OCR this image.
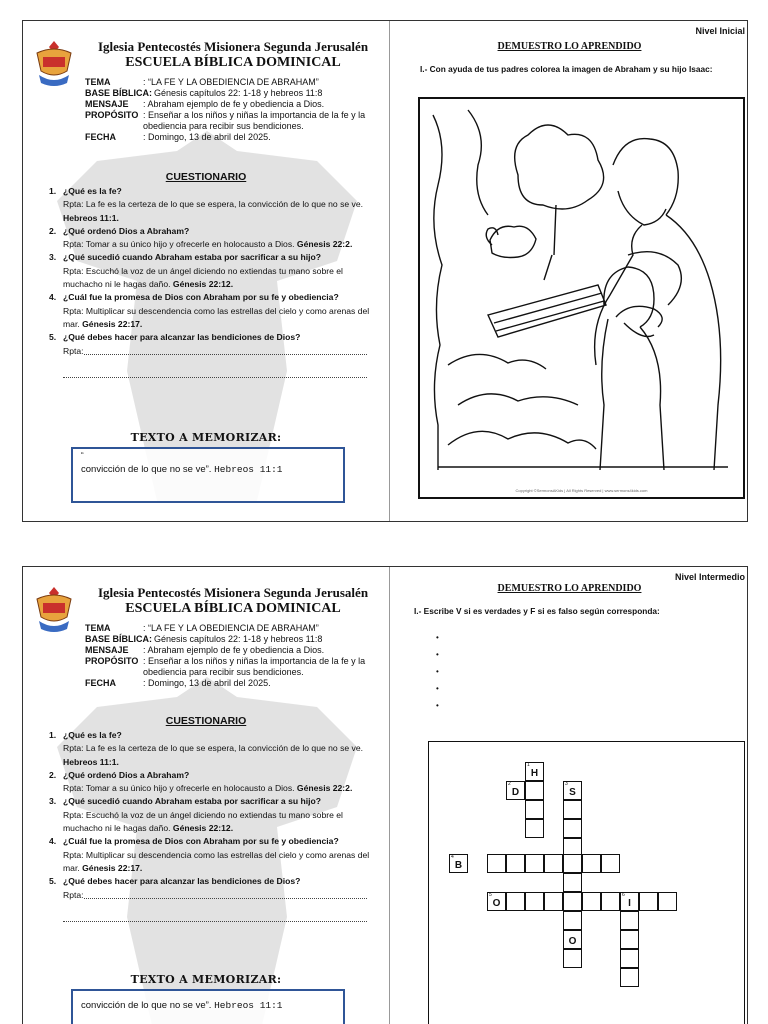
Iglesia Pentecostés Misionera Segunda Jerusalén
ESCUELA BÍBLICA DOMINICAL
TEMA	: “LA FE Y LA OBEDIENCIA DE ABRAHAM”
BASE BÍBLICA: Génesis capítulos 22: 1-18 y hebreos 11:8
MENSAJE	: Abraham ejemplo de fe y obediencia a Dios.
PROPÓSITO : Enseñar a los niños y niñas la importancia de la fe y la obediencia para recibir sus bendiciones.
FECHA	: Domingo, 13 de abril del 2025.
CUESTIONARIO
1. ¿Qué es la fe?
Rpta: La fe es la certeza de lo que se espera, la convicción de lo que no se ve. Hebreos 11:1.
2. ¿Qué ordenó Dios a Abraham?
Rpta: Tomar a su único hijo y ofrecerle en holocausto a Dios. Génesis 22:2.
3. ¿Qué sucedió cuando Abraham estaba por sacrificar a su hijo?
Rpta: Escuchó la voz de un ángel diciendo no extiendas tu mano sobre el muchacho ni le hagas daño. Génesis 22:12.
4. ¿Cuál fue la promesa de Dios con Abraham por su fe y obediencia?
Rpta: Multiplicar su descendencia como las estrellas del cielo y como arenas del mar. Génesis 22:17.
5. ¿Qué debes hacer para alcanzar las bendiciones de Dios?
Rpta:
TEXTO A MEMORIZAR:
“
convicción de lo que no se ve”. Hebreos 11:1
Nivel Inicial
DEMUESTRO LO APRENDIDO
I.- Con ayuda de tus padres colorea la imagen de Abraham y su hijo Isaac:
Copyright ©SermonsAKids | All Rights Reserved | www.sermons4kids.com
Iglesia Pentecostés Misionera Segunda Jerusalén
ESCUELA BÍBLICA DOMINICAL
TEMA	: “LA FE Y LA OBEDIENCIA DE ABRAHAM”
BASE BÍBLICA: Génesis capítulos 22: 1-18 y hebreos 11:8
MENSAJE	: Abraham ejemplo de fe y obediencia a Dios.
PROPÓSITO : Enseñar a los niños y niñas la importancia de la fe y la obediencia para recibir sus bendiciones.
FECHA	: Domingo, 13 de abril del 2025.
CUESTIONARIO
1. ¿Qué es la fe?
Rpta: La fe es la certeza de lo que se espera, la convicción de lo que no se ve. Hebreos 11:1.
2. ¿Qué ordenó Dios a Abraham?
Rpta: Tomar a su único hijo y ofrecerle en holocausto a Dios. Génesis 22:2.
3. ¿Qué sucedió cuando Abraham estaba por sacrificar a su hijo?
Rpta: Escuchó la voz de un ángel diciendo no extiendas tu mano sobre el muchacho ni le hagas daño. Génesis 22:12.
4. ¿Cuál fue la promesa de Dios con Abraham por su fe y obediencia?
Rpta: Multiplicar su descendencia como las estrellas del cielo y como arenas del mar. Génesis 22:17.
5. ¿Qué debes hacer para alcanzar las bendiciones de Dios?
Rpta:
TEXTO A MEMORIZAR:
convicción de lo que no se ve”. Hebreos 11:1
Nivel Intermedio
DEMUESTRO LO APRENDIDO
I.- Escribe V si es verdades y F si es falso según corresponda:
•
•
•
•
•
1
H
2
D
3
S
4
B
5
O
6
I
O
